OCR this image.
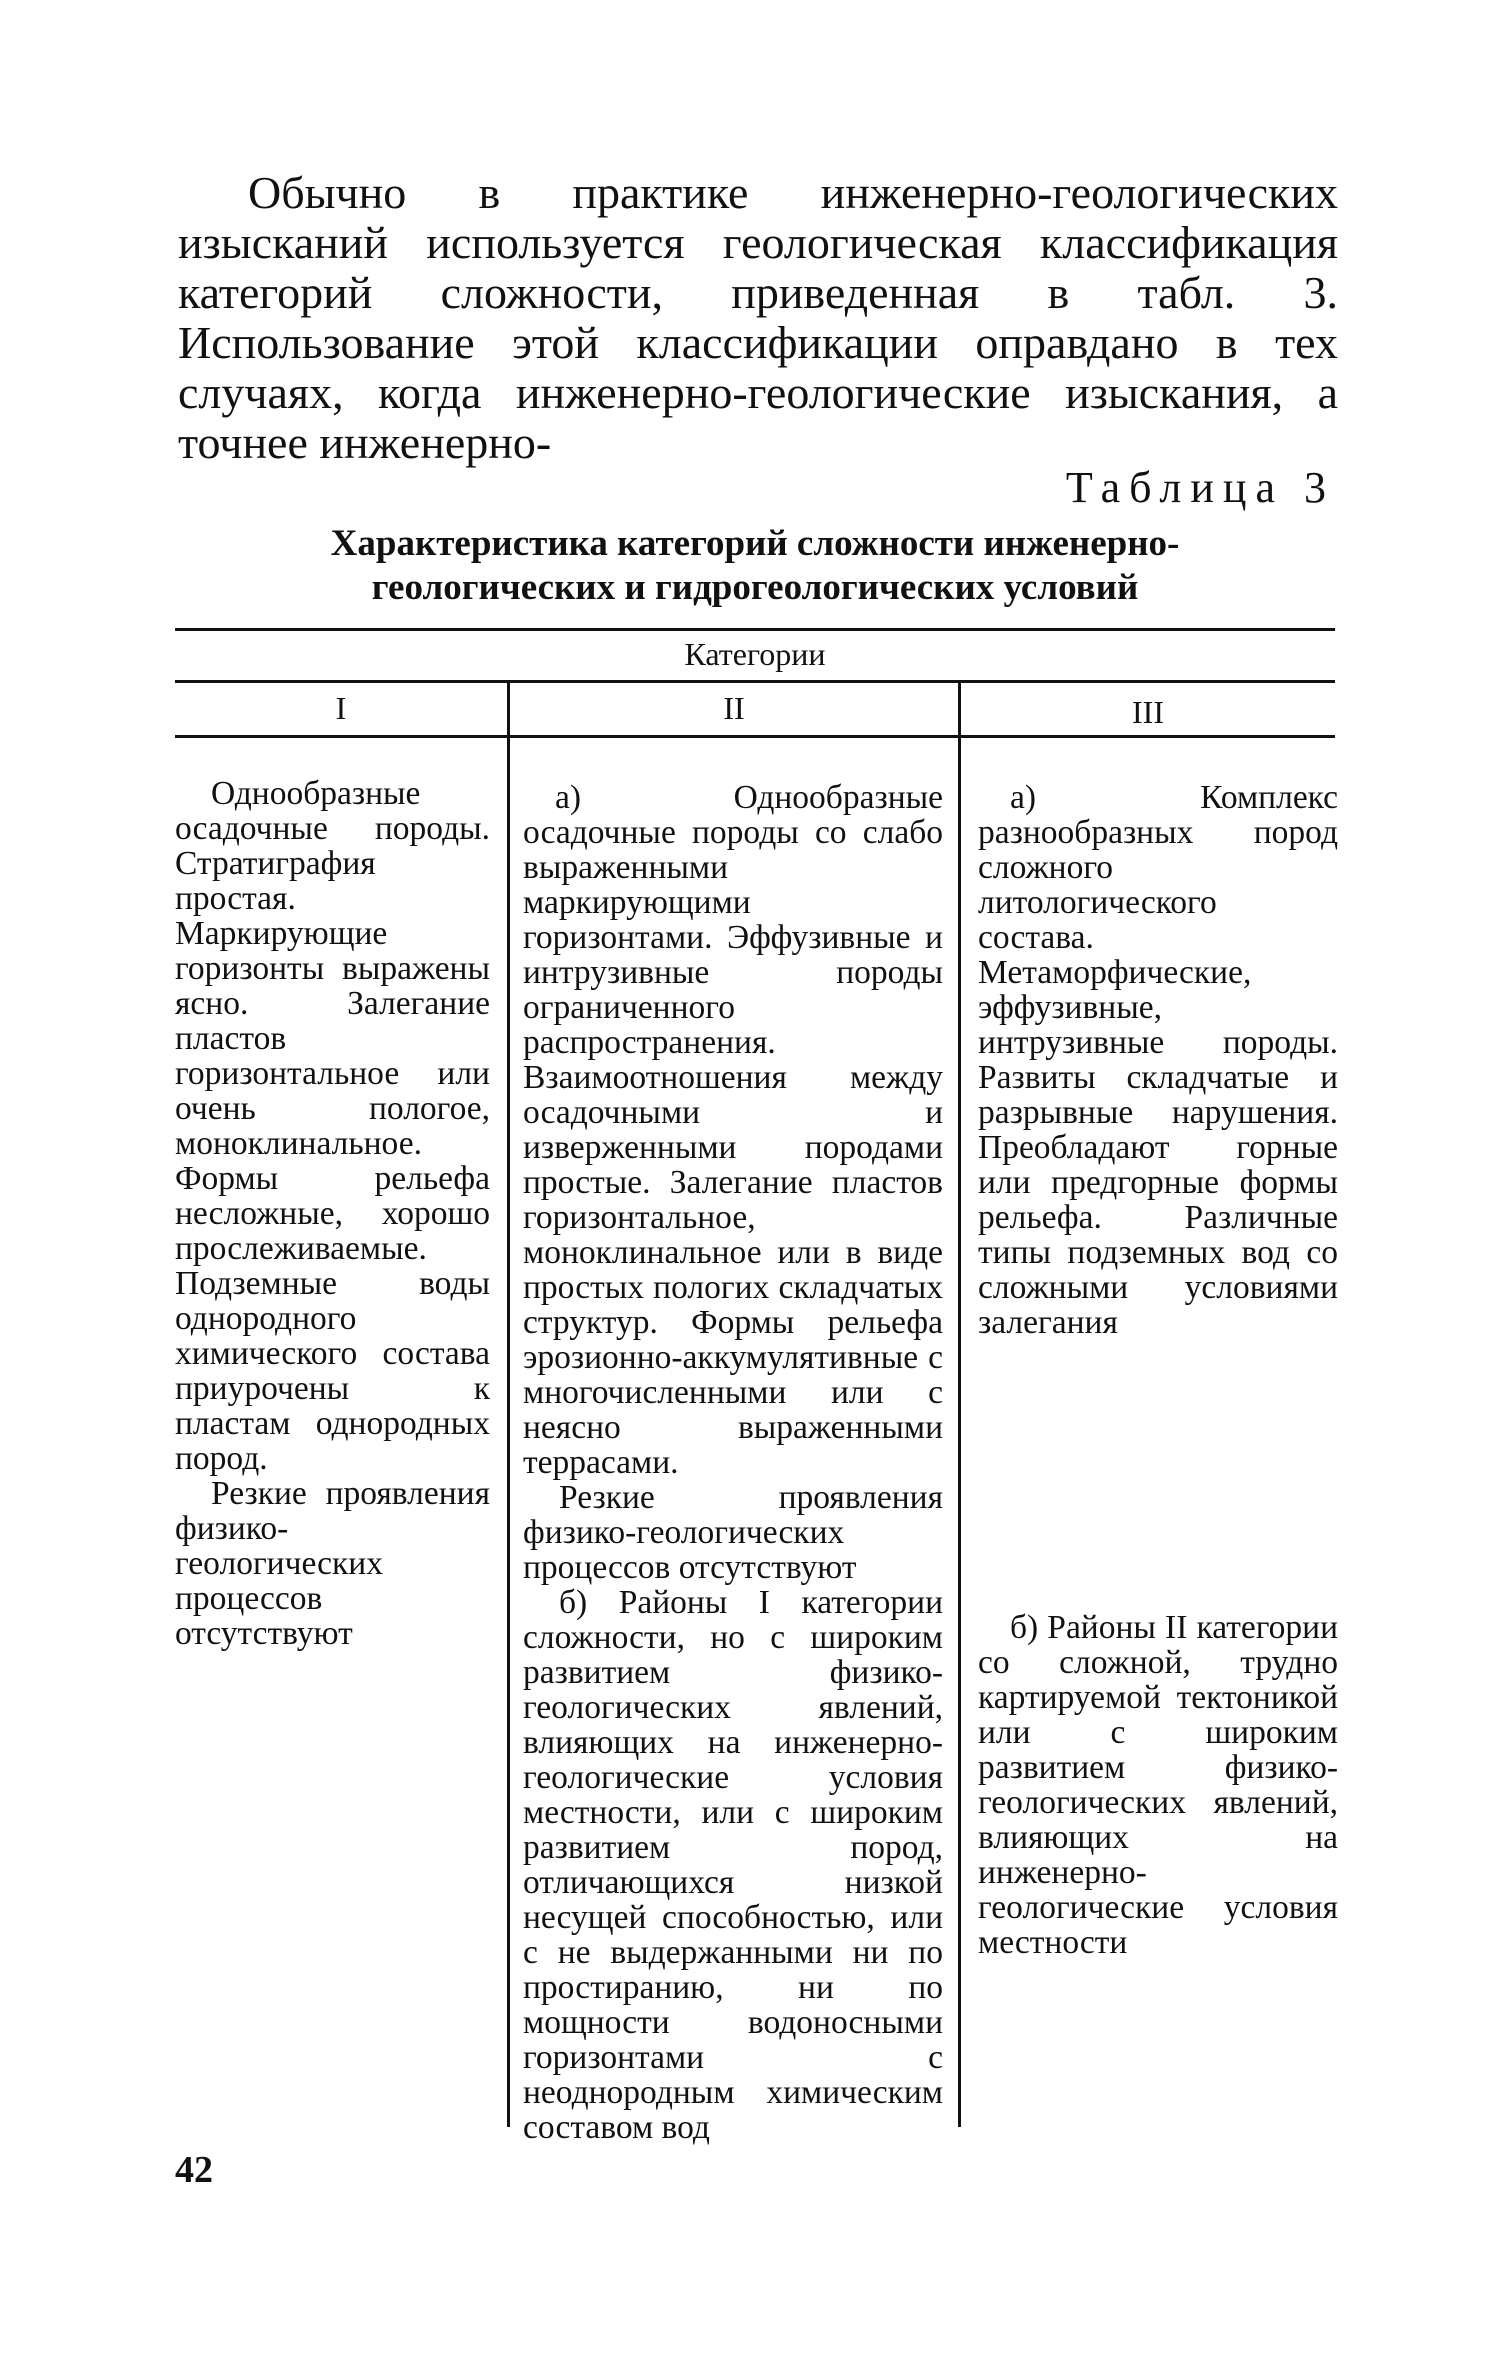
Обычно в практике инженерно-геологических изысканий используется геологическая классификация категорий сложности, приведенная в табл. 3. Использование этой классификации оправдано в тех случаях, когда инженерно-геологические изыскания, а точнее инженерно-

Таблица 3
Характеристика категорий сложности инженерно-
геологических и гидрогеологических условий
Категории
I	II	III

Однообразные осадочные породы. Стратиграфия простая. Маркирующие горизонты выражены ясно. Залегание пластов горизонтальное или очень пологое, моноклинальное. Формы рельефа несложные, хорошо прослеживаемые. Подземные воды однородного химического состава приурочены к пластам однородных пород.

Резкие проявления физико-геологических процессов отсутствуют

а) Однообразные осадочные породы со слабо выраженными маркирующими горизонтами. Эффузивные и интрузивные породы ограниченного распространения. Взаимоотношения между осадочными и изверженными породами простые. Залегание пластов горизонтальное, моноклинальное или в виде простых пологих складчатых структур. Формы рельефа эрозионно-аккумулятивные с многочисленными или с неясно выраженными террасами.

Резкие проявления физико-геологических процессов отсутствуют

б) Районы I категории сложности, но с широким развитием физико-геологических явлений, влияющих на инженерно-геологические условия местности, или с широким развитием пород, отличающихся низкой несущей способностью, или с не выдержанными ни по простиранию, ни по мощности водоносными горизонтами с неоднородным химическим составом вод

а) Комплекс разнообразных пород сложного литологического состава. Метаморфические, эффузивные, интрузивные породы. Развиты складчатые и разрывные нарушения. Преобладают горные или предгорные формы рельефа. Различные типы подземных вод со сложными условиями залегания

б) Районы II категории со сложной, трудно картируемой тектоникой или с широким развитием физико-геологических явлений, влияющих на инженерно-геологические условия местности

42
